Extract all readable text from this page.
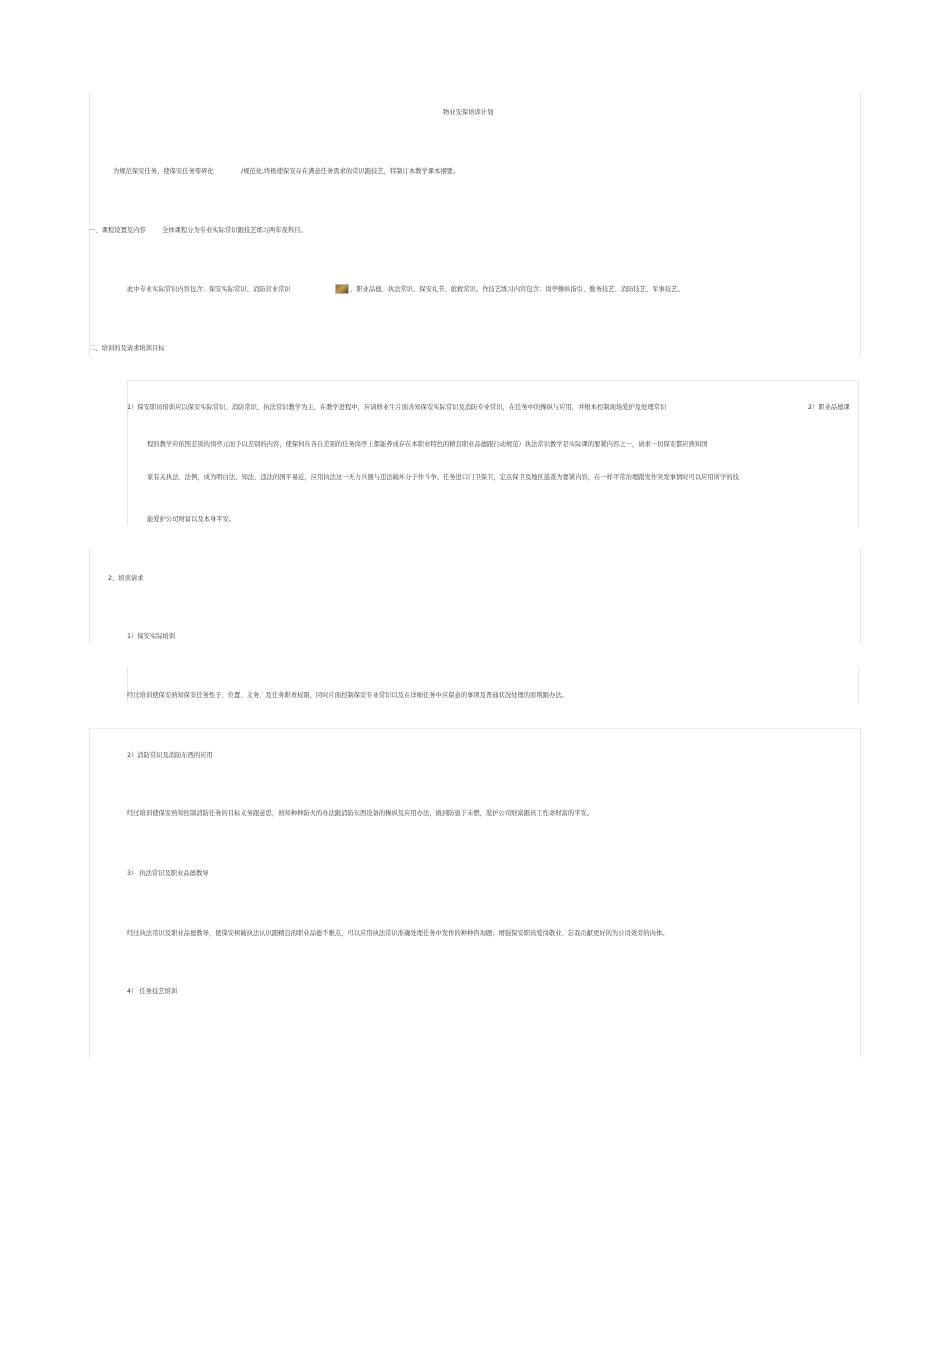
物业安保培训计划
为规范保安任务，使保安任务零碎化	/规范化,终极使保安存在满意任务需求的常识跟技艺，特制订本教学课本纲要。
一、课程设置及内容	全体课程分为专业实际常识跟技艺练习两年夜科目。
此中专业实际常识内容包含：保安实际常识、消防营业常识	、职业品德、执法常识、保安礼节、抢救常识。作技艺练习内容包含：岗亭操纵指引、勤务技艺、消防技艺、军事技艺。
二、培训的及请求培训目标
1）保安职员培训应以保安实际常识、消防常识、执法常识教学为主，在教学进程中，应请修业生片面善知保安实际常识及消防专业常识，在任务中的操纵与应用，并根本控制现场爱护及处理常识	2）职业品德课
程的教学应依照差别的岗亭元而予以差别的内容，使保何在各自差别的任务岗亭上都能养成存在本职业特色的精良职业品德跟行动规范）执法常识教学是实际课的要紧内容之一，请求一切保安都应熟知国
家有关执法、法例，成为明白法、知法、违法的国平易近，应用执法这一无力兵器与违法破坏分子作斗争。任务进口门卫保卫，定点保卫及地区巡查为要紧内容，在一样平常治理跟发作突发事情时可以应用所学的技
能爱护公司财富以及本身平安。
2、培训请求
1）保安实际培训
经过培训使保安熟知保安任务性子、位置、义务、及任务职责权限，同时片面控制保安专业常识以及在详细任务中应留意的事项及普通状况处理的原则跟办法。
2）消防常识及消防东西的应用
经过培训使保安熟知控制消防任务的目标义务跟意思，熟知种种防火的办法跟消防东西设备的操纵及应用办法，做到防患于未燃，爱护公司财富跟员工性命财富的平安。
3） 执法常识及职业品德教导
经过执法常识及职业品德教导，使保安树破执法认识跟精良的职业品德不雅点，可以应用执法常识准确处理任务中发作的种种咨询题；增强保安职员爱岗敬业、忘我贡献更好的为公司效劳的肉体。
4） 任务技艺培训
